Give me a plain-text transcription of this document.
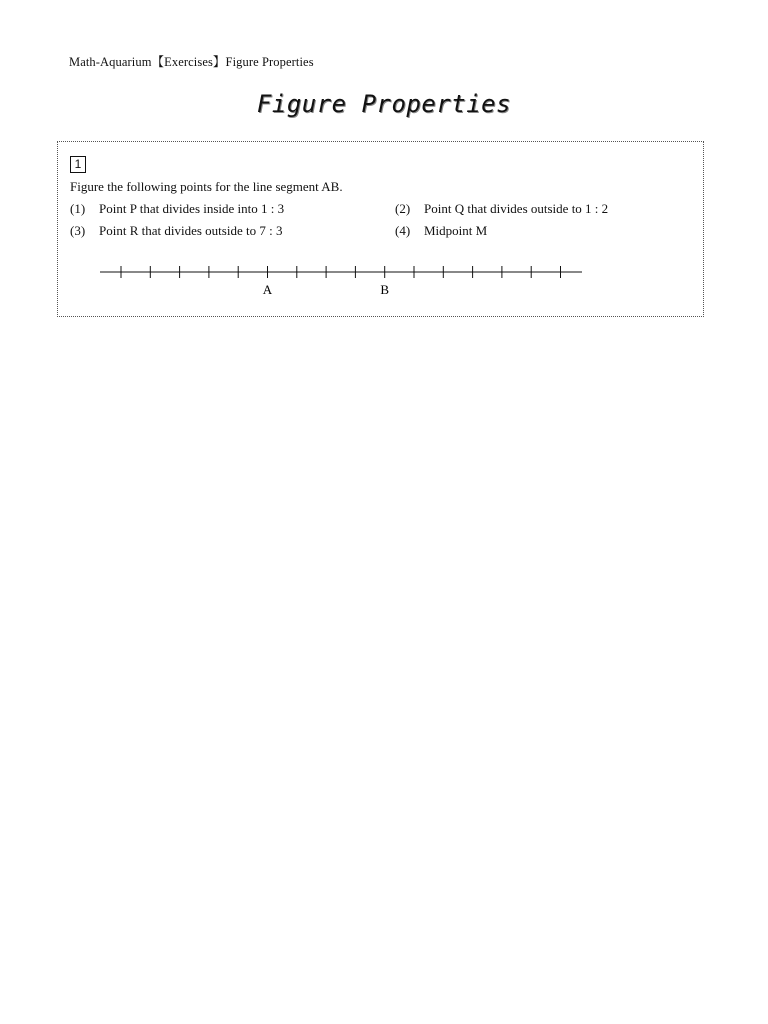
Math-Aquarium【Exercises】Figure Properties
Figure Properties
1
Figure the following points for the line segment AB.
(1) Point P that divides inside into 1 : 3	(2) Point Q that divides outside to 1 : 2
(3) Point R that divides outside to 7 : 3	(4) Midpoint M
A	B
